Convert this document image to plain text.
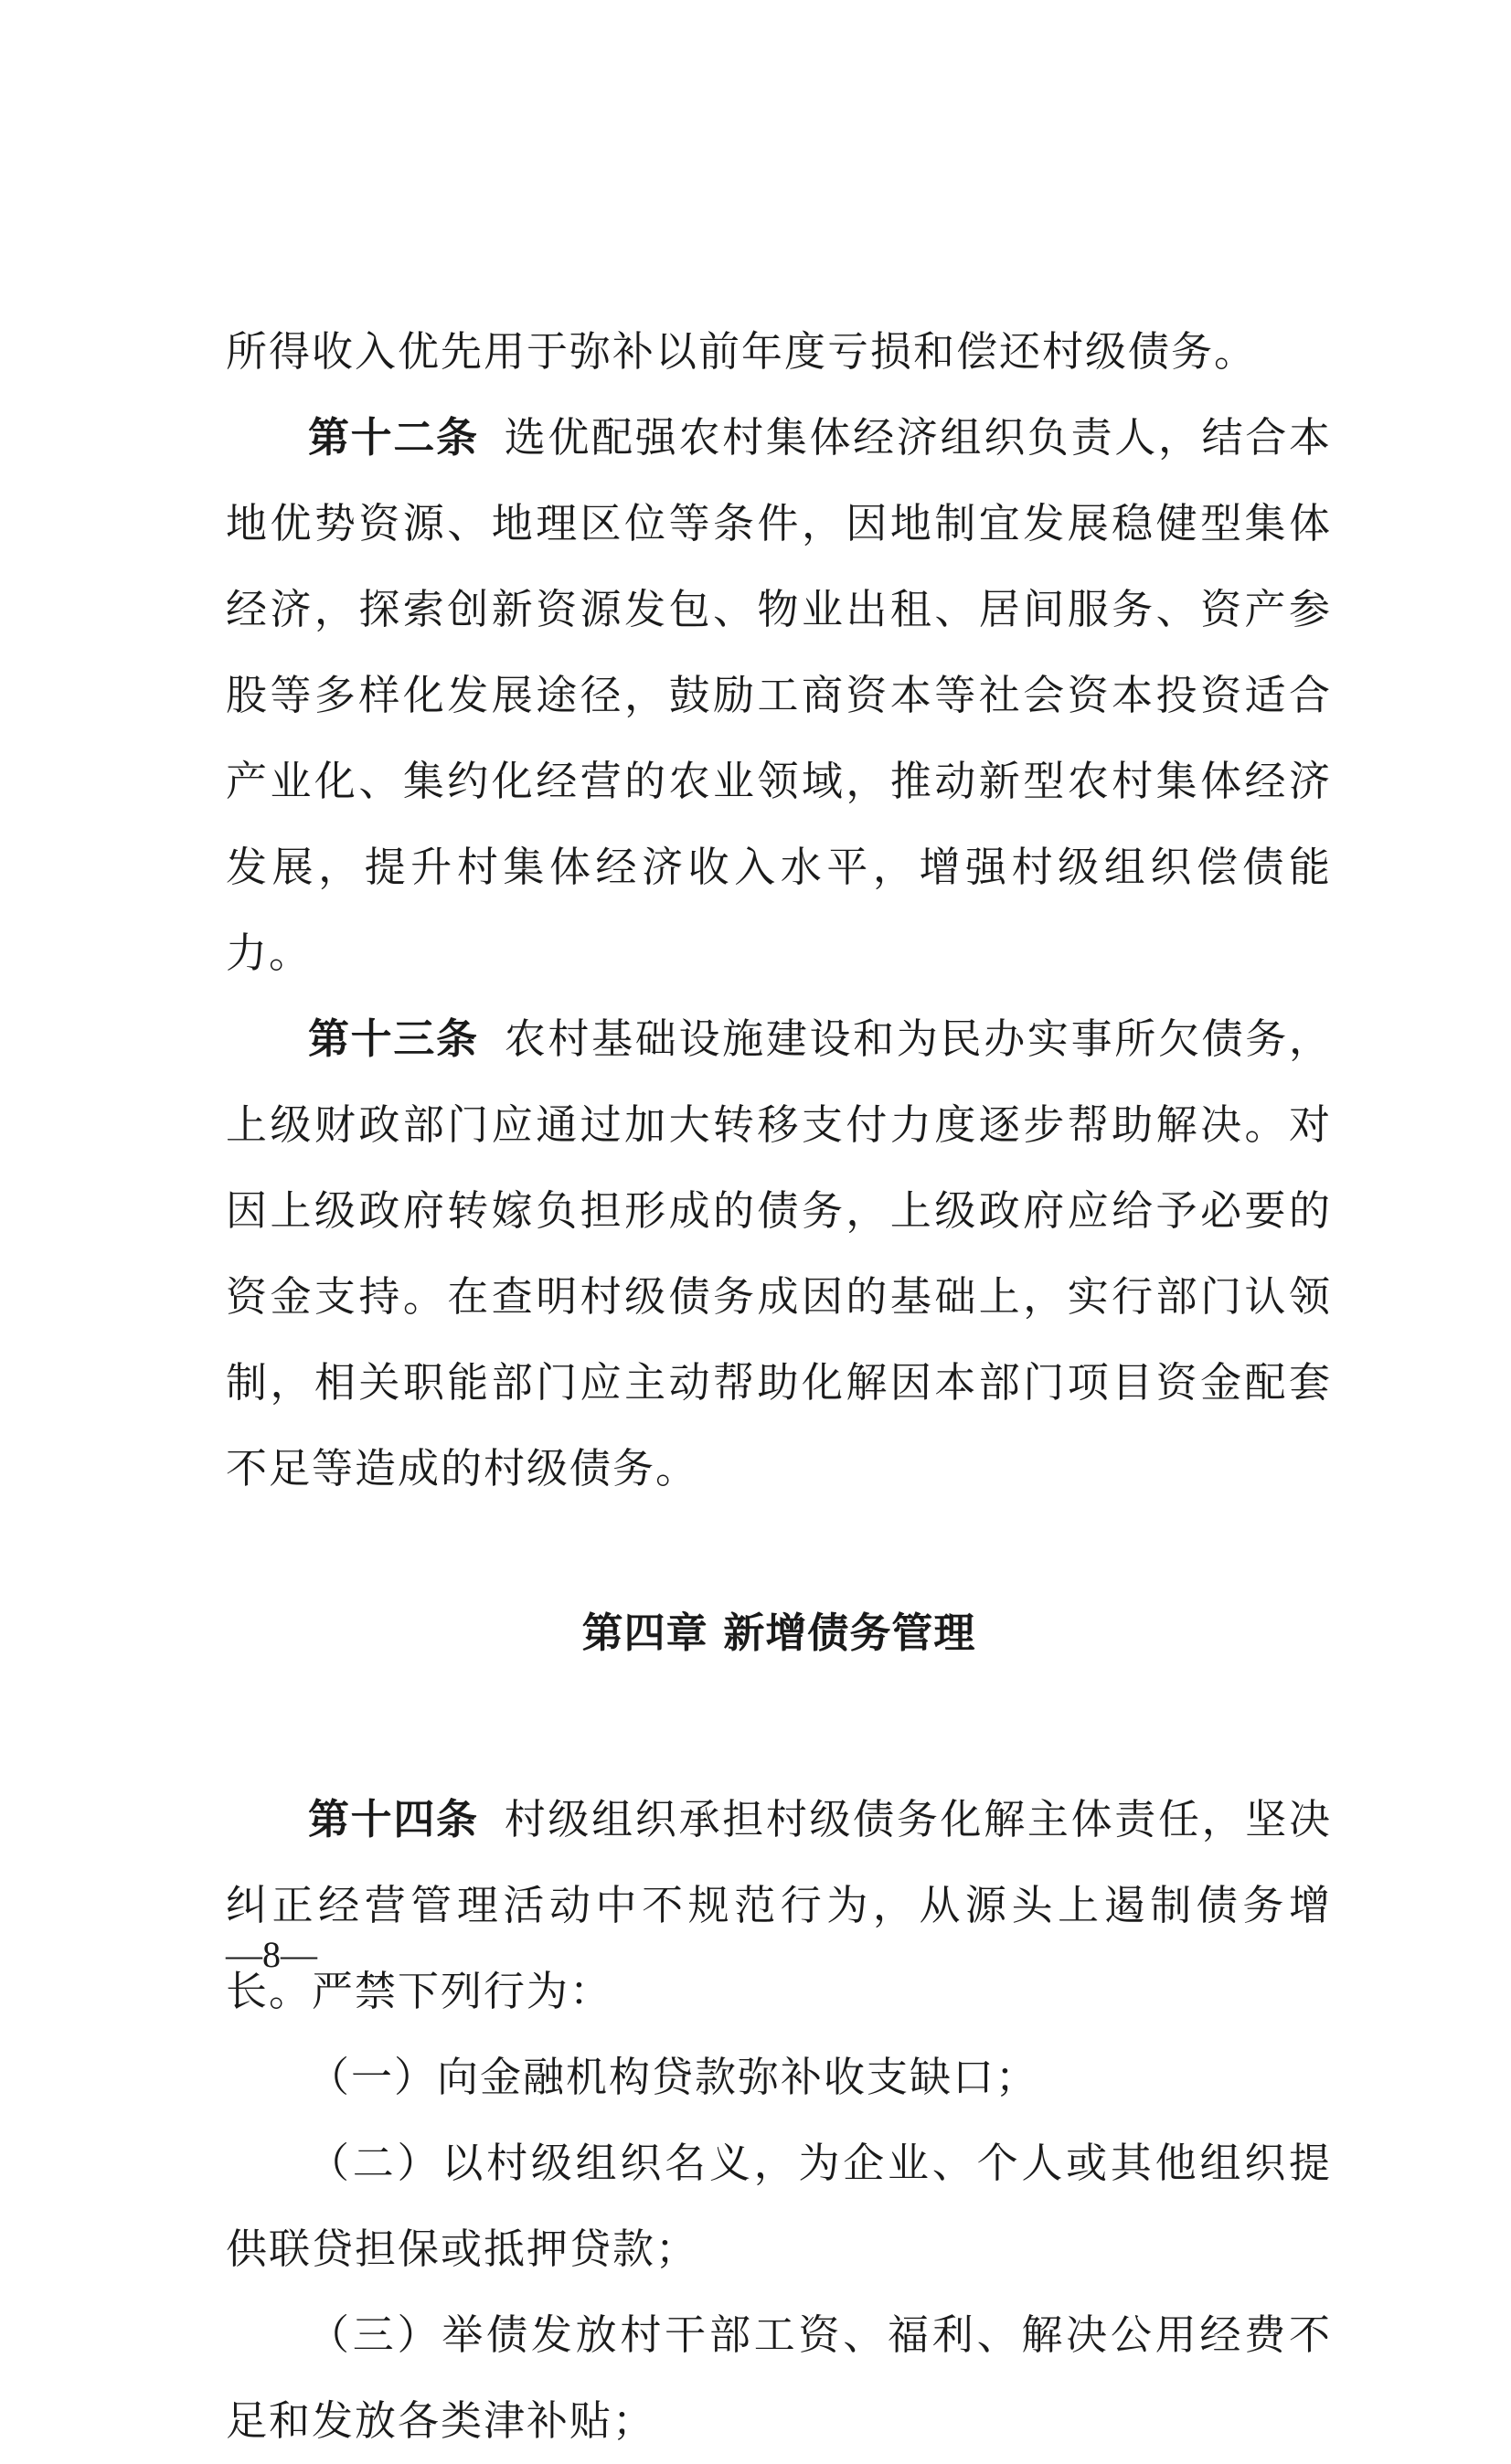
所得收入优先用于弥补以前年度亏损和偿还村级债务。

第十二条 选优配强农村集体经济组织负责人，结合本地优势资源、地理区位等条件，因地制宜发展稳健型集体经济，探索创新资源发包、物业出租、居间服务、资产参股等多样化发展途径，鼓励工商资本等社会资本投资适合产业化、集约化经营的农业领域，推动新型农村集体经济发展，提升村集体经济收入水平，增强村级组织偿债能力。

第十三条 农村基础设施建设和为民办实事所欠债务，上级财政部门应通过加大转移支付力度逐步帮助解决。对因上级政府转嫁负担形成的债务，上级政府应给予必要的资金支持。在查明村级债务成因的基础上，实行部门认领制，相关职能部门应主动帮助化解因本部门项目资金配套不足等造成的村级债务。

第四章 新增债务管理

第十四条 村级组织承担村级债务化解主体责任，坚决纠正经营管理活动中不规范行为，从源头上遏制债务增长。严禁下列行为：

（一）向金融机构贷款弥补收支缺口；

（二）以村级组织名义，为企业、个人或其他组织提供联贷担保或抵押贷款；

（三）举债发放村干部工资、福利、解决公用经费不足和发放各类津补贴；

—8—
